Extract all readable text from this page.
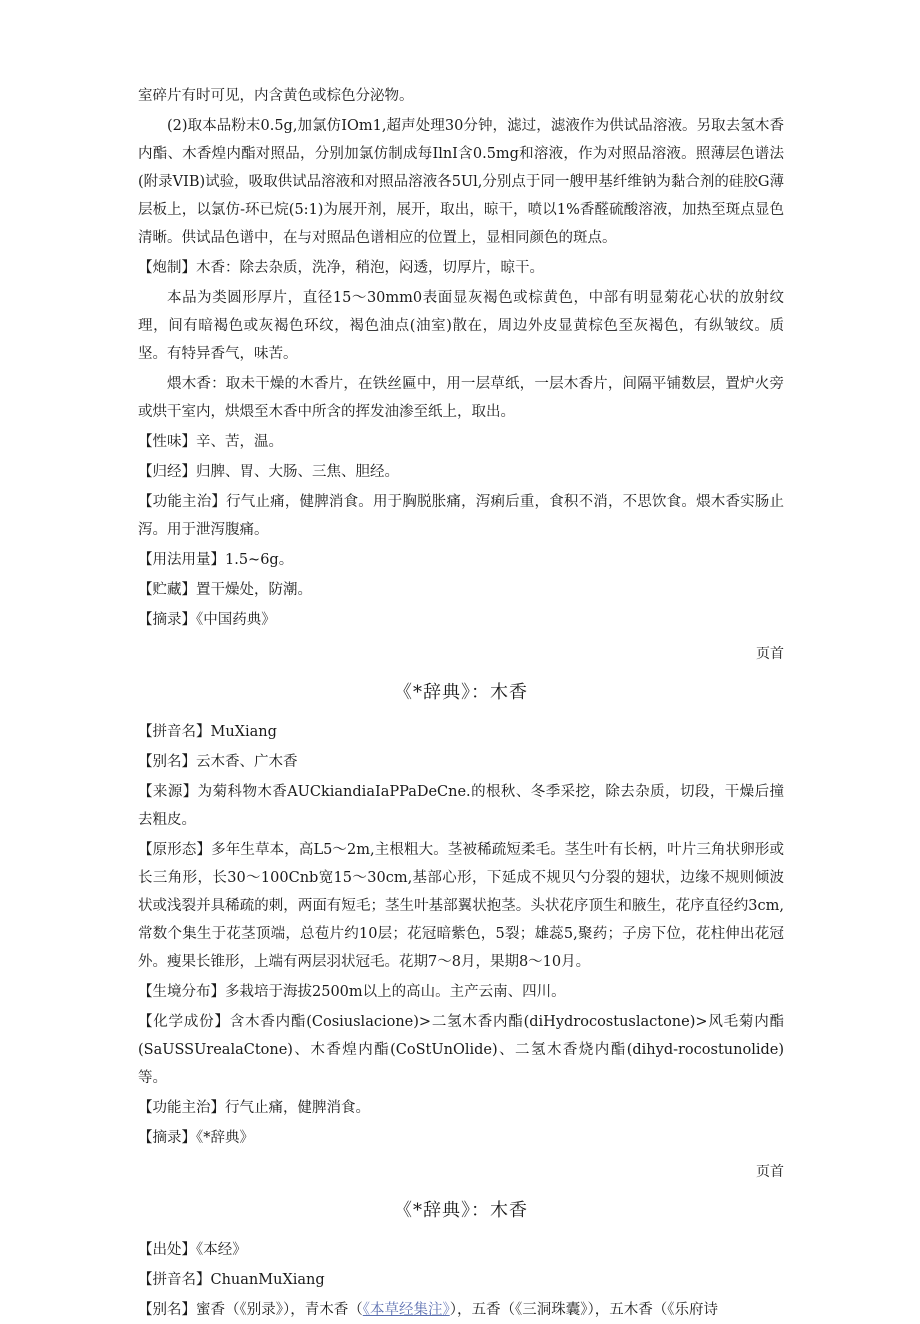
室碎片有时可见，内含黄色或棕色分泌物。

(2)取本品粉末0.5g,加氯仿IOm1,超声处理30分钟，滤过，滤液作为供试品溶液。另取去氢木香内酯、木香煌内酯对照品，分别加氯仿制成每IlnI含0.5mg和溶液，作为对照品溶液。照薄层色谱法(附录VIB)试验，吸取供试品溶液和对照品溶液各5Ul,分别点于同一艘甲基纤维钠为黏合剂的硅胶G薄层板上，以氯仿-环已烷(5:1)为展开剂，展开，取出，晾干，喷以1%香醛硫酸溶液，加热至斑点显色清晰。供试品色谱中，在与对照品色谱相应的位置上，显相同颜色的斑点。

【炮制】木香：除去杂质，洗净，稍泡，闷透，切厚片，晾干。

本品为类圆形厚片，直径15～30mm0表面显灰褐色或棕黄色，中部有明显菊花心状的放射纹理，间有暗褐色或灰褐色环纹，褐色油点(油室)散在，周边外皮显黄棕色至灰褐色，有纵皱纹。质坚。有特异香气，味苦。

煨木香：取未干燥的木香片，在铁丝匾中，用一层草纸，一层木香片，间隔平铺数层，置炉火旁或烘干室内，烘煨至木香中所含的挥发油渗至纸上，取出。

【性味】辛、苦，温。

【归经】归脾、胃、大肠、三焦、胆经。

【功能主治】行气止痛，健脾消食。用于胸脱胀痛，泻痢后重，食积不消，不思饮食。煨木香实肠止泻。用于泄泻腹痛。

【用法用量】1.5~6g。

【贮藏】置干燥处，防潮。

【摘录】《中国药典》

页首
《*辞典》：木香

【拼音名】MuXiang

【别名】云木香、广木香

【来源】为菊科物木香AUCkiandiaIaPPaDeCne.的根秋、冬季采挖，除去杂质，切段，干燥后撞去粗皮。

【原形态】多年生草本，高L5～2m,主根粗大。茎被稀疏短柔毛。茎生叶有长柄，叶片三角状卵形或长三角形，长30～100Cnb宽15～30cm,基部心形，下延成不规贝勺分裂的翅状，边缘不规则倾波状或浅裂并具稀疏的刺，两面有短毛；茎生叶基部翼状抱茎。头状花序顶生和腋生，花序直径约3cm,常数个集生于花茎顶端，总苞片约10层；花冠暗紫色，5裂；雄蕊5,聚药；子房下位，花柱伸出花冠外。瘦果长锥形，上端有两层羽状冠毛。花期7～8月，果期8～10月。

【生境分布】多栽培于海拔2500m以上的高山。主产云南、四川。

【化学成份】含木香内酯(Cosiuslacione)>二氢木香内酯(diHydrocostuslactone)>风毛菊内酯(SaUSSUrealaCtone)、木香煌内酯(CoStUnOlide)、二氢木香烧内酯(dihyd-rocostunolide)等。

【功能主治】行气止痛，健脾消食。

【摘录】《*辞典》

页首
《*辞典》：木香

【出处】《本经》

【拼音名】ChuanMuXiang

【别名】蜜香（《别录》），青木香（《本草经集注》），五香（《三洞珠囊》），五木香（《乐府诗
